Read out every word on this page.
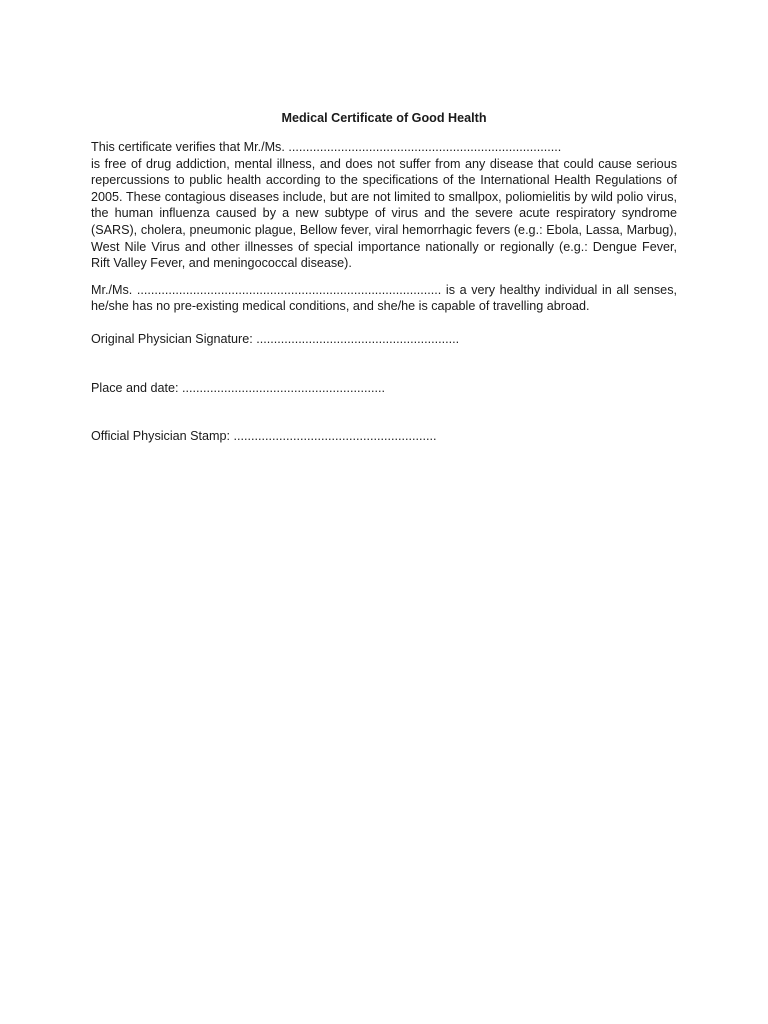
Medical Certificate of Good Health

This certificate verifies that Mr./Ms. ..............................................................................

is free of drug addiction, mental illness, and does not suffer from any disease that could cause serious repercussions to public health according to the specifications of the International Health Regulations of 2005. These contagious diseases include, but are not limited to smallpox, poliomielitis by wild polio virus, the human influenza caused by a new subtype of virus and the severe acute respiratory syndrome (SARS), cholera, pneumonic plague, Bellow fever, viral hemorrhagic fevers (e.g.: Ebola, Lassa, Marbug), West Nile Virus and other illnesses of special importance nationally or regionally (e.g.: Dengue Fever, Rift Valley Fever, and meningococcal disease).

Mr./Ms. ....................................................................................... is a very healthy individual in all senses, he/she has no pre-existing medical conditions, and she/he is capable of travelling abroad.

Original Physician Signature: ..........................................................

Place and date: ..........................................................

Official Physician Stamp: ..........................................................
